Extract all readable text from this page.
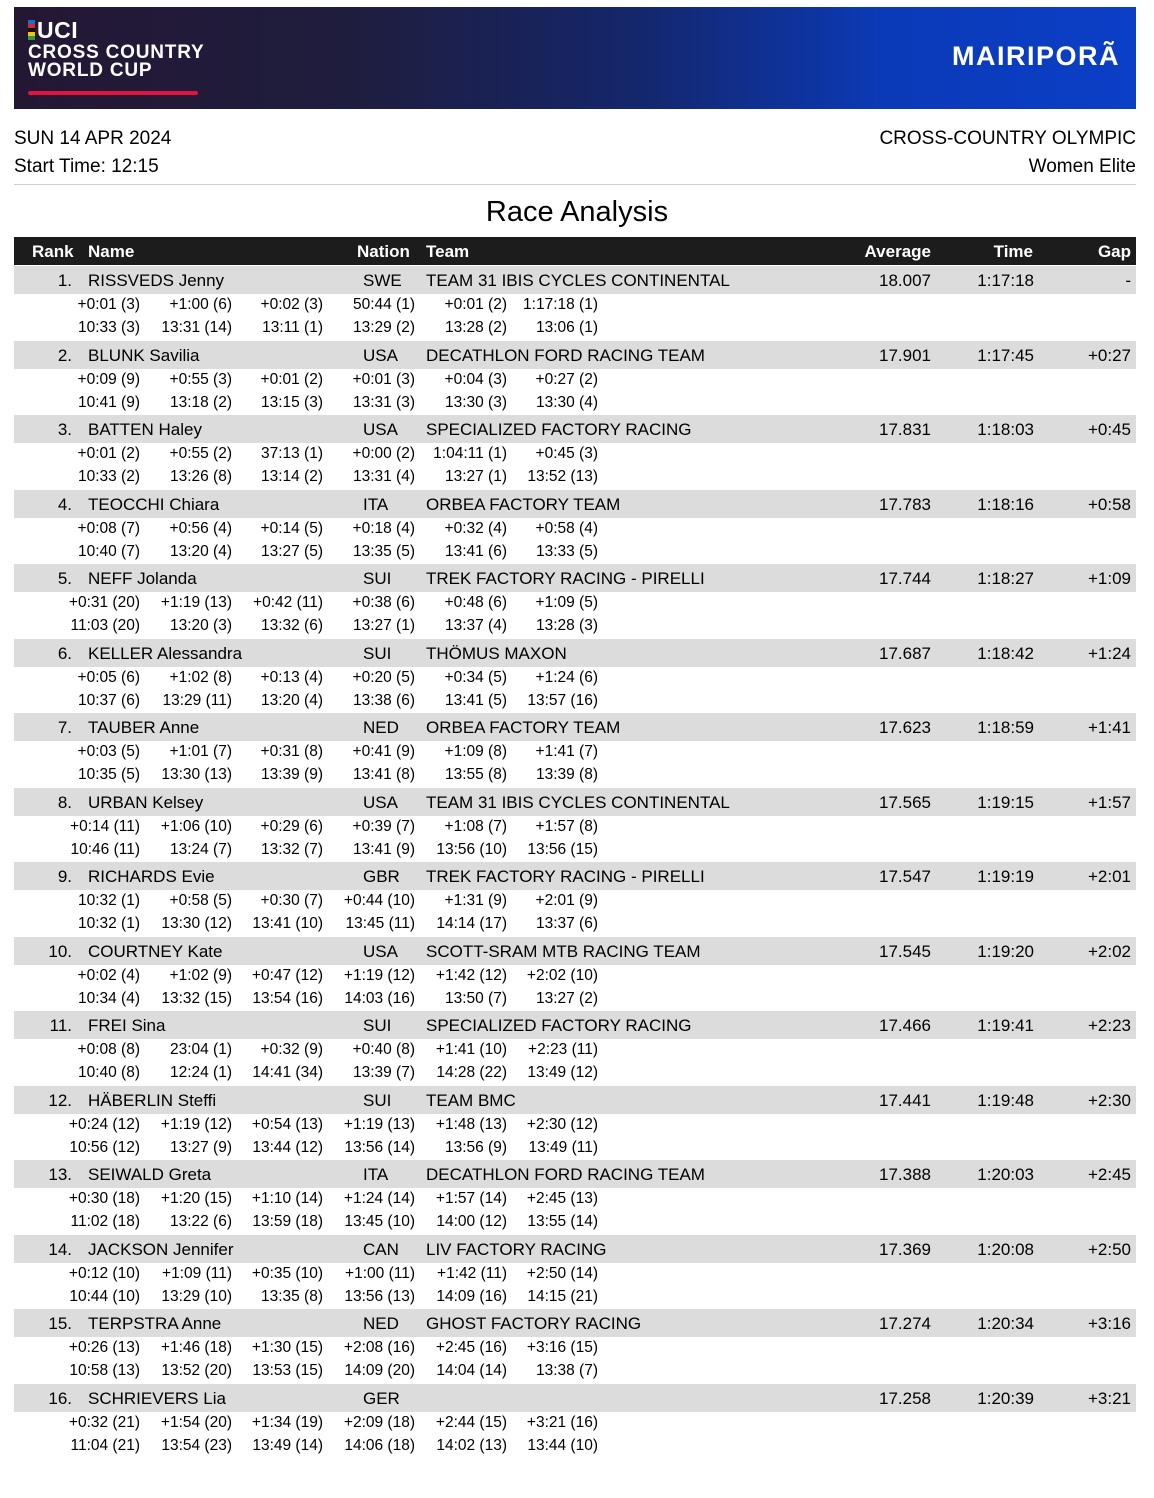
UCI
CROSS COUNTRY
WORLD CUP	MAIRIPORÃ
SUN 14 APR 2024
Start Time: 12:15
CROSS-COUNTRY OLYMPIC
Women Elite
Race Analysis
Rank Name	Nation Team	Average	Time	Gap
1. RISSVEDS Jenny	SWE TEAM 31 IBIS CYCLES CONTINENTAL	18.007	1:17:18	-
+0:01 (3)	+1:00 (6)	+0:02 (3)	50:44 (1)	+0:01 (2)	1:17:18 (1)
10:33 (3)	13:31 (14)	13:11 (1)	13:29 (2)	13:28 (2)	13:06 (1)
2. BLUNK Savilia	USA DECATHLON FORD RACING TEAM	17.901	1:17:45	+0:27
+0:09 (9)	+0:55 (3)	+0:01 (2)	+0:01 (3)	+0:04 (3)	+0:27 (2)
10:41 (9)	13:18 (2)	13:15 (3)	13:31 (3)	13:30 (3)	13:30 (4)
3. BATTEN Haley	USA SPECIALIZED FACTORY RACING	17.831	1:18:03	+0:45
+0:01 (2)	+0:55 (2)	37:13 (1)	+0:00 (2)	1:04:11 (1)	+0:45 (3)
10:33 (2)	13:26 (8)	13:14 (2)	13:31 (4)	13:27 (1)	13:52 (13)
4. TEOCCHI Chiara	ITA ORBEA FACTORY TEAM	17.783	1:18:16	+0:58
+0:08 (7)	+0:56 (4)	+0:14 (5)	+0:18 (4)	+0:32 (4)	+0:58 (4)
10:40 (7)	13:20 (4)	13:27 (5)	13:35 (5)	13:41 (6)	13:33 (5)
5. NEFF Jolanda	SUI TREK FACTORY RACING - PIRELLI	17.744	1:18:27	+1:09
+0:31 (20)	+1:19 (13)	+0:42 (11)	+0:38 (6)	+0:48 (6)	+1:09 (5)
11:03 (20)	13:20 (3)	13:32 (6)	13:27 (1)	13:37 (4)	13:28 (3)
6. KELLER Alessandra	SUI THÖMUS MAXON	17.687	1:18:42	+1:24
+0:05 (6)	+1:02 (8)	+0:13 (4)	+0:20 (5)	+0:34 (5)	+1:24 (6)
10:37 (6)	13:29 (11)	13:20 (4)	13:38 (6)	13:41 (5)	13:57 (16)
7. TAUBER Anne	NED ORBEA FACTORY TEAM	17.623	1:18:59	+1:41
+0:03 (5)	+1:01 (7)	+0:31 (8)	+0:41 (9)	+1:09 (8)	+1:41 (7)
10:35 (5)	13:30 (13)	13:39 (9)	13:41 (8)	13:55 (8)	13:39 (8)
8. URBAN Kelsey	USA TEAM 31 IBIS CYCLES CONTINENTAL	17.565	1:19:15	+1:57
+0:14 (11)	+1:06 (10)	+0:29 (6)	+0:39 (7)	+1:08 (7)	+1:57 (8)
10:46 (11)	13:24 (7)	13:32 (7)	13:41 (9)	13:56 (10)	13:56 (15)
9. RICHARDS Evie	GBR TREK FACTORY RACING - PIRELLI	17.547	1:19:19	+2:01
10:32 (1)	+0:58 (5)	+0:30 (7)	+0:44 (10)	+1:31 (9)	+2:01 (9)
10:32 (1)	13:30 (12)	13:41 (10)	13:45 (11)	14:14 (17)	13:37 (6)
10. COURTNEY Kate	USA SCOTT-SRAM MTB RACING TEAM	17.545	1:19:20	+2:02
+0:02 (4)	+1:02 (9)	+0:47 (12)	+1:19 (12)	+1:42 (12)	+2:02 (10)
10:34 (4)	13:32 (15)	13:54 (16)	14:03 (16)	13:50 (7)	13:27 (2)
11. FREI Sina	SUI SPECIALIZED FACTORY RACING	17.466	1:19:41	+2:23
+0:08 (8)	23:04 (1)	+0:32 (9)	+0:40 (8)	+1:41 (10)	+2:23 (11)
10:40 (8)	12:24 (1)	14:41 (34)	13:39 (7)	14:28 (22)	13:49 (12)
12. HÄBERLIN Steffi	SUI TEAM BMC	17.441	1:19:48	+2:30
+0:24 (12)	+1:19 (12)	+0:54 (13)	+1:19 (13)	+1:48 (13)	+2:30 (12)
10:56 (12)	13:27 (9)	13:44 (12)	13:56 (14)	13:56 (9)	13:49 (11)
13. SEIWALD Greta	ITA DECATHLON FORD RACING TEAM	17.388	1:20:03	+2:45
+0:30 (18)	+1:20 (15)	+1:10 (14)	+1:24 (14)	+1:57 (14)	+2:45 (13)
11:02 (18)	13:22 (6)	13:59 (18)	13:45 (10)	14:00 (12)	13:55 (14)
14. JACKSON Jennifer	CAN LIV FACTORY RACING	17.369	1:20:08	+2:50
+0:12 (10)	+1:09 (11)	+0:35 (10)	+1:00 (11)	+1:42 (11)	+2:50 (14)
10:44 (10)	13:29 (10)	13:35 (8)	13:56 (13)	14:09 (16)	14:15 (21)
15. TERPSTRA Anne	NED GHOST FACTORY RACING	17.274	1:20:34	+3:16
+0:26 (13)	+1:46 (18)	+1:30 (15)	+2:08 (16)	+2:45 (16)	+3:16 (15)
10:58 (13)	13:52 (20)	13:53 (15)	14:09 (20)	14:04 (14)	13:38 (7)
16. SCHRIEVERS Lia	GER	17.258	1:20:39	+3:21
+0:32 (21)	+1:54 (20)	+1:34 (19)	+2:09 (18)	+2:44 (15)	+3:21 (16)
11:04 (21)	13:54 (23)	13:49 (14)	14:06 (18)	14:02 (13)	13:44 (10)
